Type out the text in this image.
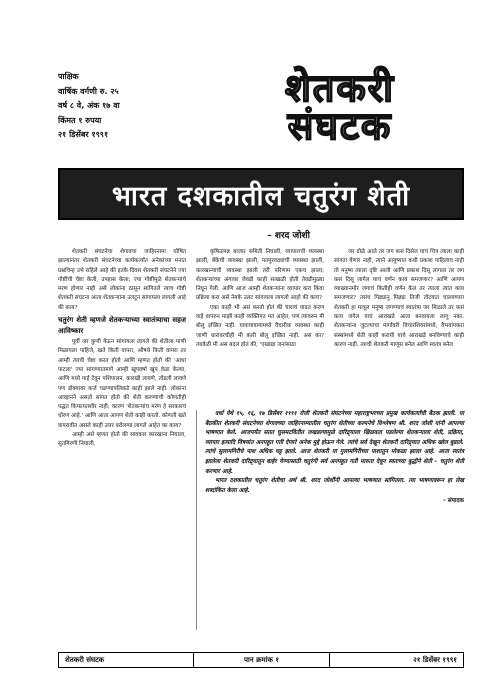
पाक्षिक
वार्षिक वर्गणी रु. २५
वर्ष ८ वे, अंक १७ वा
किंमत १ रुपया
२१ डिसेंबर १९९१
शेतकरी
संघटक
भारत दशकातील चतुरंग शेती
– शरद जोशी

शेतकरी संघटनेचा शेगावचा जाहिरनामा घोषित झाल्यानंतर शेतकरी संघटनेच्या कार्यकर्त्यांत अनेकांच्या मनात प्रश्नचिन्ह उभे राहिले आहे की इतके दिवस शेतकरी संघटनेने ज्या गोष्टींची चेष्टा केली, उपहास केला; ज्या गोष्टींमुळे शेतकऱ्यांचे मरण होणार नाही असे लोकांना ठासून सांगितले त्याच गोष्टी शेतकरी संघटना आता शेतकऱ्यांना उलटून सांगायला लागली आहे की काय?

चतुरंग शेती म्हणजे शेतकऱ्याच्या स्वातंत्र्याचा सहज आविष्कार

पूर्वी जर कुणी येऊन सांगायला लागले की शेतीला पाणी मिळायला पाहिजे, खते किती वापरा, औषधे किती वापरा तर आम्ही त्याची चेष्टा करत होतो आणि म्हणत होतो की 'आधा पाटला' ज्या सांगण्यातमागे आम्ही खूपवर्षा खूप वेळा केल्या, आणि मध्ये गाई टेवून पशिपालन, कारखी लावणे, तोंडली लावणे पण डोक्यावर कर्ज चढण्यापलिकडे काही झाले नाही. लोकांना आव्हानने असतो सांगत होतो की शेती करण्याची कोणतीही पद्धत किफायतशीर नाही; कारण 'शेतकऱ्यांच मरण हे सरकारचं धोरण आहे.' आणि आता आपण शेती काही करतो. कोणती खते वापरावीत असले काही उत्तर वरोलग्या लागले आहेत का काय?

आम्ही असे म्हणत होतो की सावकार कारखाना निघाला, सुतगिरणी निघाली,

कृषिउत्पन्न बाजार समिती निघाली, व्यापाराची व्यवस्था झाली, बँकेची व्यवस्था झाली, पतपुरवठ्याची व्यवस्था झाली, कारखान्याची व्यवस्था झाली तरी परिणाम एकच झाला; शेतकऱ्यांच्या अंगावर जेवढी काही साखळी होती तेवढीमुळ्या निघून गेली. आणि आज आम्ही शेतकऱ्यांना व्यापार करा किंवा प्रक्रिया करा असे नेमके उलट सांगायला लागलो आहो की काय?

एका काही भी असं करतो होतं की चाराचं वाढत करण वाहे वापरुन माझी काही व्यक्तिगत मतं आहेत, पण त्यावरुन मी बोलू इच्छित नाही. यावायावायामध्ये वैचारीक व्यवस्था काही जाणी धारांवरचीही मी कारी बोलू इच्छित नाही. असं का? त्यावेळी मी असं बदलं होतं की, 'एखाद्या जनांसाठा

जर डोळे आले तर जग कसं दिसेल याचं चित्र त्याला काही सांगता येणार नाही, त्याने आयुष्यात कधी प्रकाश पाहिलाच नाही तो मनुष्य त्याला दृष्टि आली आणि प्रकाश दिसू लागला तर जग कसं दिसू लागेल याचं वर्णन काय समजणार? आणि आपण व्याख्यानमोर जगाचं कितीही वर्णन केलं तर त्याला त्यात काय समजणार? तसंच पिढ्यानु पिढ्या तिजी तोटयात चालवणारा शेतकरी हा मात्रूल मनुष्य जगण्याचं स्वातंत्र्य जर मिळाले तर कसं काय जगेल याचं आराखडे आता बनवायला लागू नका. शेतकऱ्यांना जुटल्याचा मार्गावरी विचारशिवरांमध्ये, वैभवांपकरा संस्थांमध्ये शेती काही करायी याचे आराखडे बनविण्याचे काही कारण नाही. त्याची शेतकरी माणूस बनेल आणि स्वतंत्र बनेल

वर्धा येथे १५, १६, १७ डिसेंबर १९९१ रोजी शेतकरी संघटनेच्या महाराष्ट्रभरच्या प्रमुख कार्यकर्त्यांची बैठक झाली. या बैठकीत शेतकरी संघटनेच्या शेगावच्या जाहिरनाम्यातील चतुरंग शेतीच्या कल्पनेचे विश्लेषण श्री. शरद जोशी यांनी आपल्या भाषणात केले. आजपर्यंत सतत घुसमटवितीत जखडल्यामुळे दारिद्र्याला खिळवता पडलेल्या शेतकऱ्याला शेती, प्रक्रिया, व्यापार इत्यादि विषयांत अनपहुत गती देणारे अनेक मुद्दे होऊन गेले. त्यांचे सर्व देखून शेतकरी दारिद्र्यात अधिक खोल बुडाले. त्यांचे सुलामगिरीचे पाश अधिक घट्ट झाले. आज शेतकरी या गुलामगिरीच्या पाशातून मोकळा झाला आहे. आता स्वतंत्र झालेला शेतकरी दारिद्र्यातून बाहेर येण्यासाठी चतुरंगी सर्व अनपहुत गती मारुता देवून स्वतःच्या बुद्धीने शेती – चतुरंग शेती करणार आहे.

भारत दशकातील चतुरंग शेतीचा अर्थ श्री. शरद जोशींनी आपल्या भाषणात सांगितला. त्या भाषणावरून हा लेख शब्दांकित केला आहे.

– संपादक
शेतकरी संघटक	पान क्रमांक १	२१ डिसेंबर १९९१
